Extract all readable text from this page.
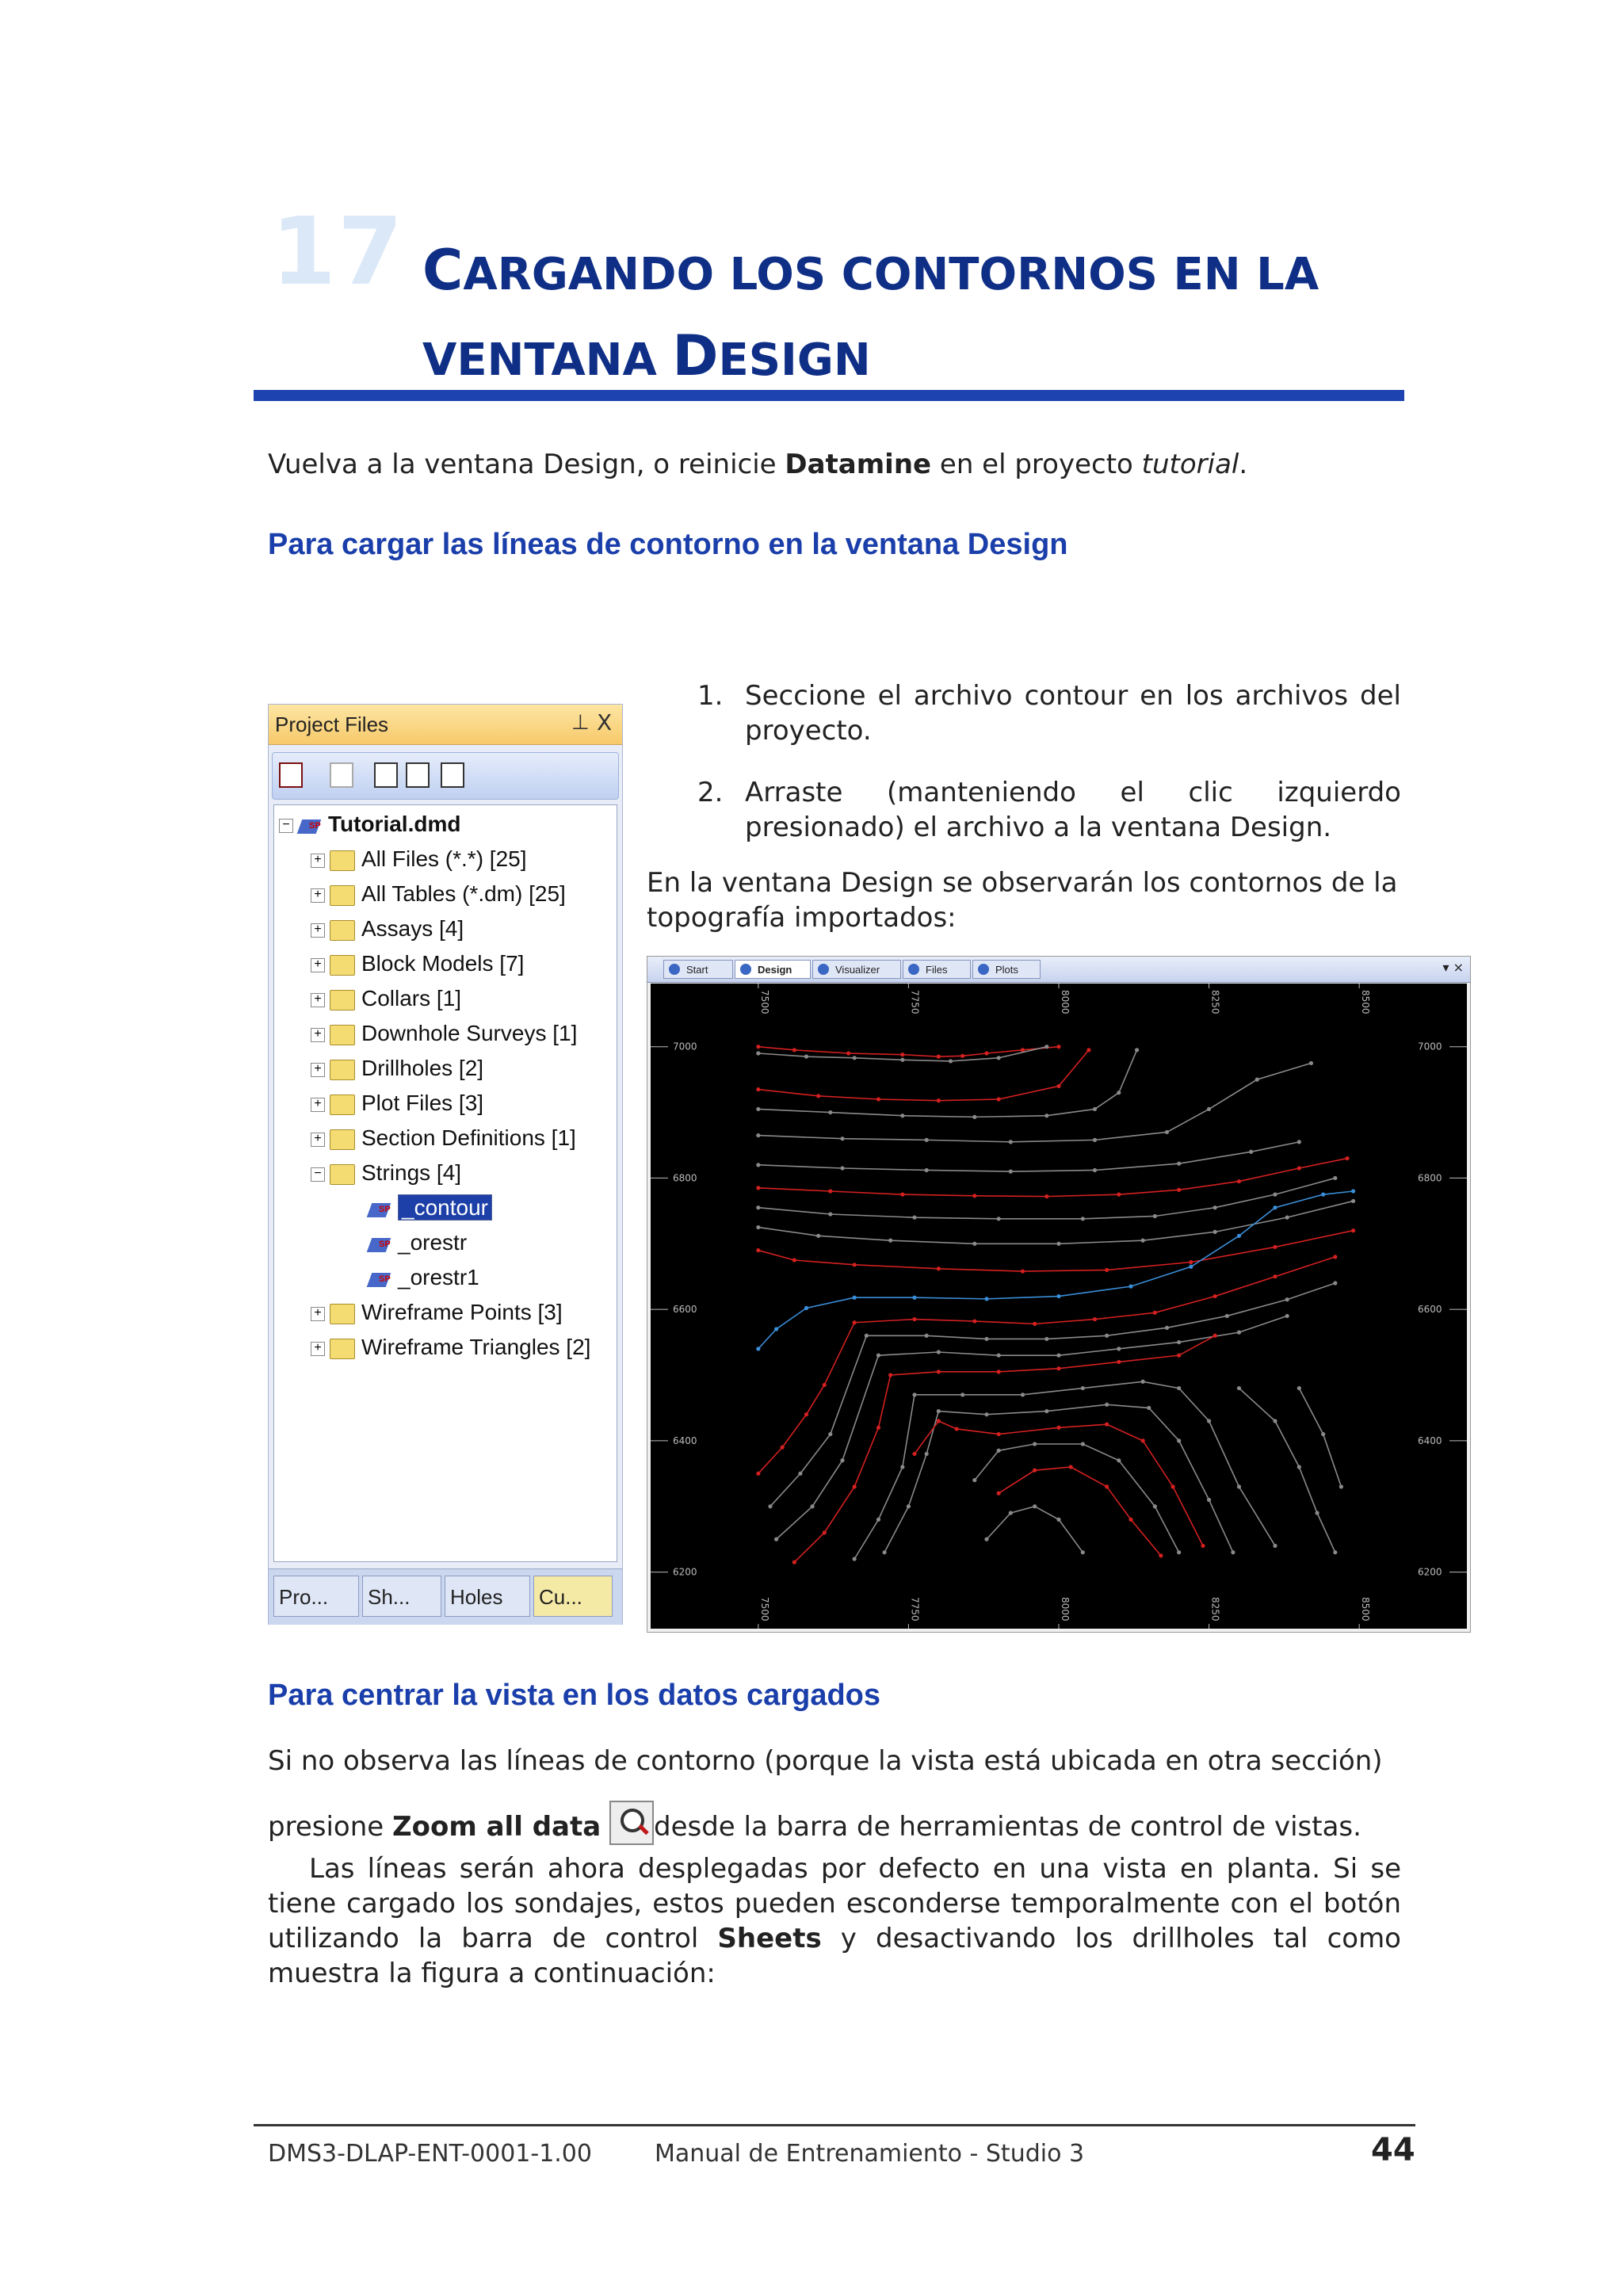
17 CARGANDO LOS CONTORNOS EN LA
VENTANA DESIGN
Vuelva a la ventana Design, o reinicie Datamine en el proyecto tutorial.
Para cargar las líneas de contorno en la ventana Design
Project Files	⊥ X
− SP Tutorial.dmd
+ All Files (*.*) [25]
+ All Tables (*.dm) [25]
+ Assays [4]
+ Block Models [7]
+ Collars [1]
+ Downhole Surveys [1]
+ Drillholes [2]
+ Plot Files [3]
+ Section Definitions [1]
− Strings [4]
SP_contour
SP_orestr
SP_orestr1
+ Wireframe Points [3]
+ Wireframe Triangles [2]
Pro...	Sh...	Holes	Cu...
1. Seccione el archivo contour en los archivos del proyecto.
2. Arraste (manteniendo el clic izquierdo presionado) el archivo a la ventana Design.
En la ventana Design se observarán los contornos de la topografía importados:
Start	Design	Visualizer	Files	Plots	▾ ×
7500
7500
7750
7750
8000
8000
8250
8250
8500
8500
7000	7000
6800	6800
6600	6600
6400	6400
6200	6200
Para centrar la vista en los datos cargados
Si no observa las líneas de contorno (porque la vista está ubicada en otra sección)
presione Zoom all data desde la barra de herramientas de control de vistas.
Las líneas serán ahora desplegadas por defecto en una vista en planta. Si se tiene cargado los sondajes, estos pueden esconderse temporalmente con el botón utilizando la barra de control Sheets y desactivando los drillholes tal como muestra la figura a continuación:
DMS3-DLAP-ENT-0001-1.00	Manual de Entrenamiento - Studio 3	44
